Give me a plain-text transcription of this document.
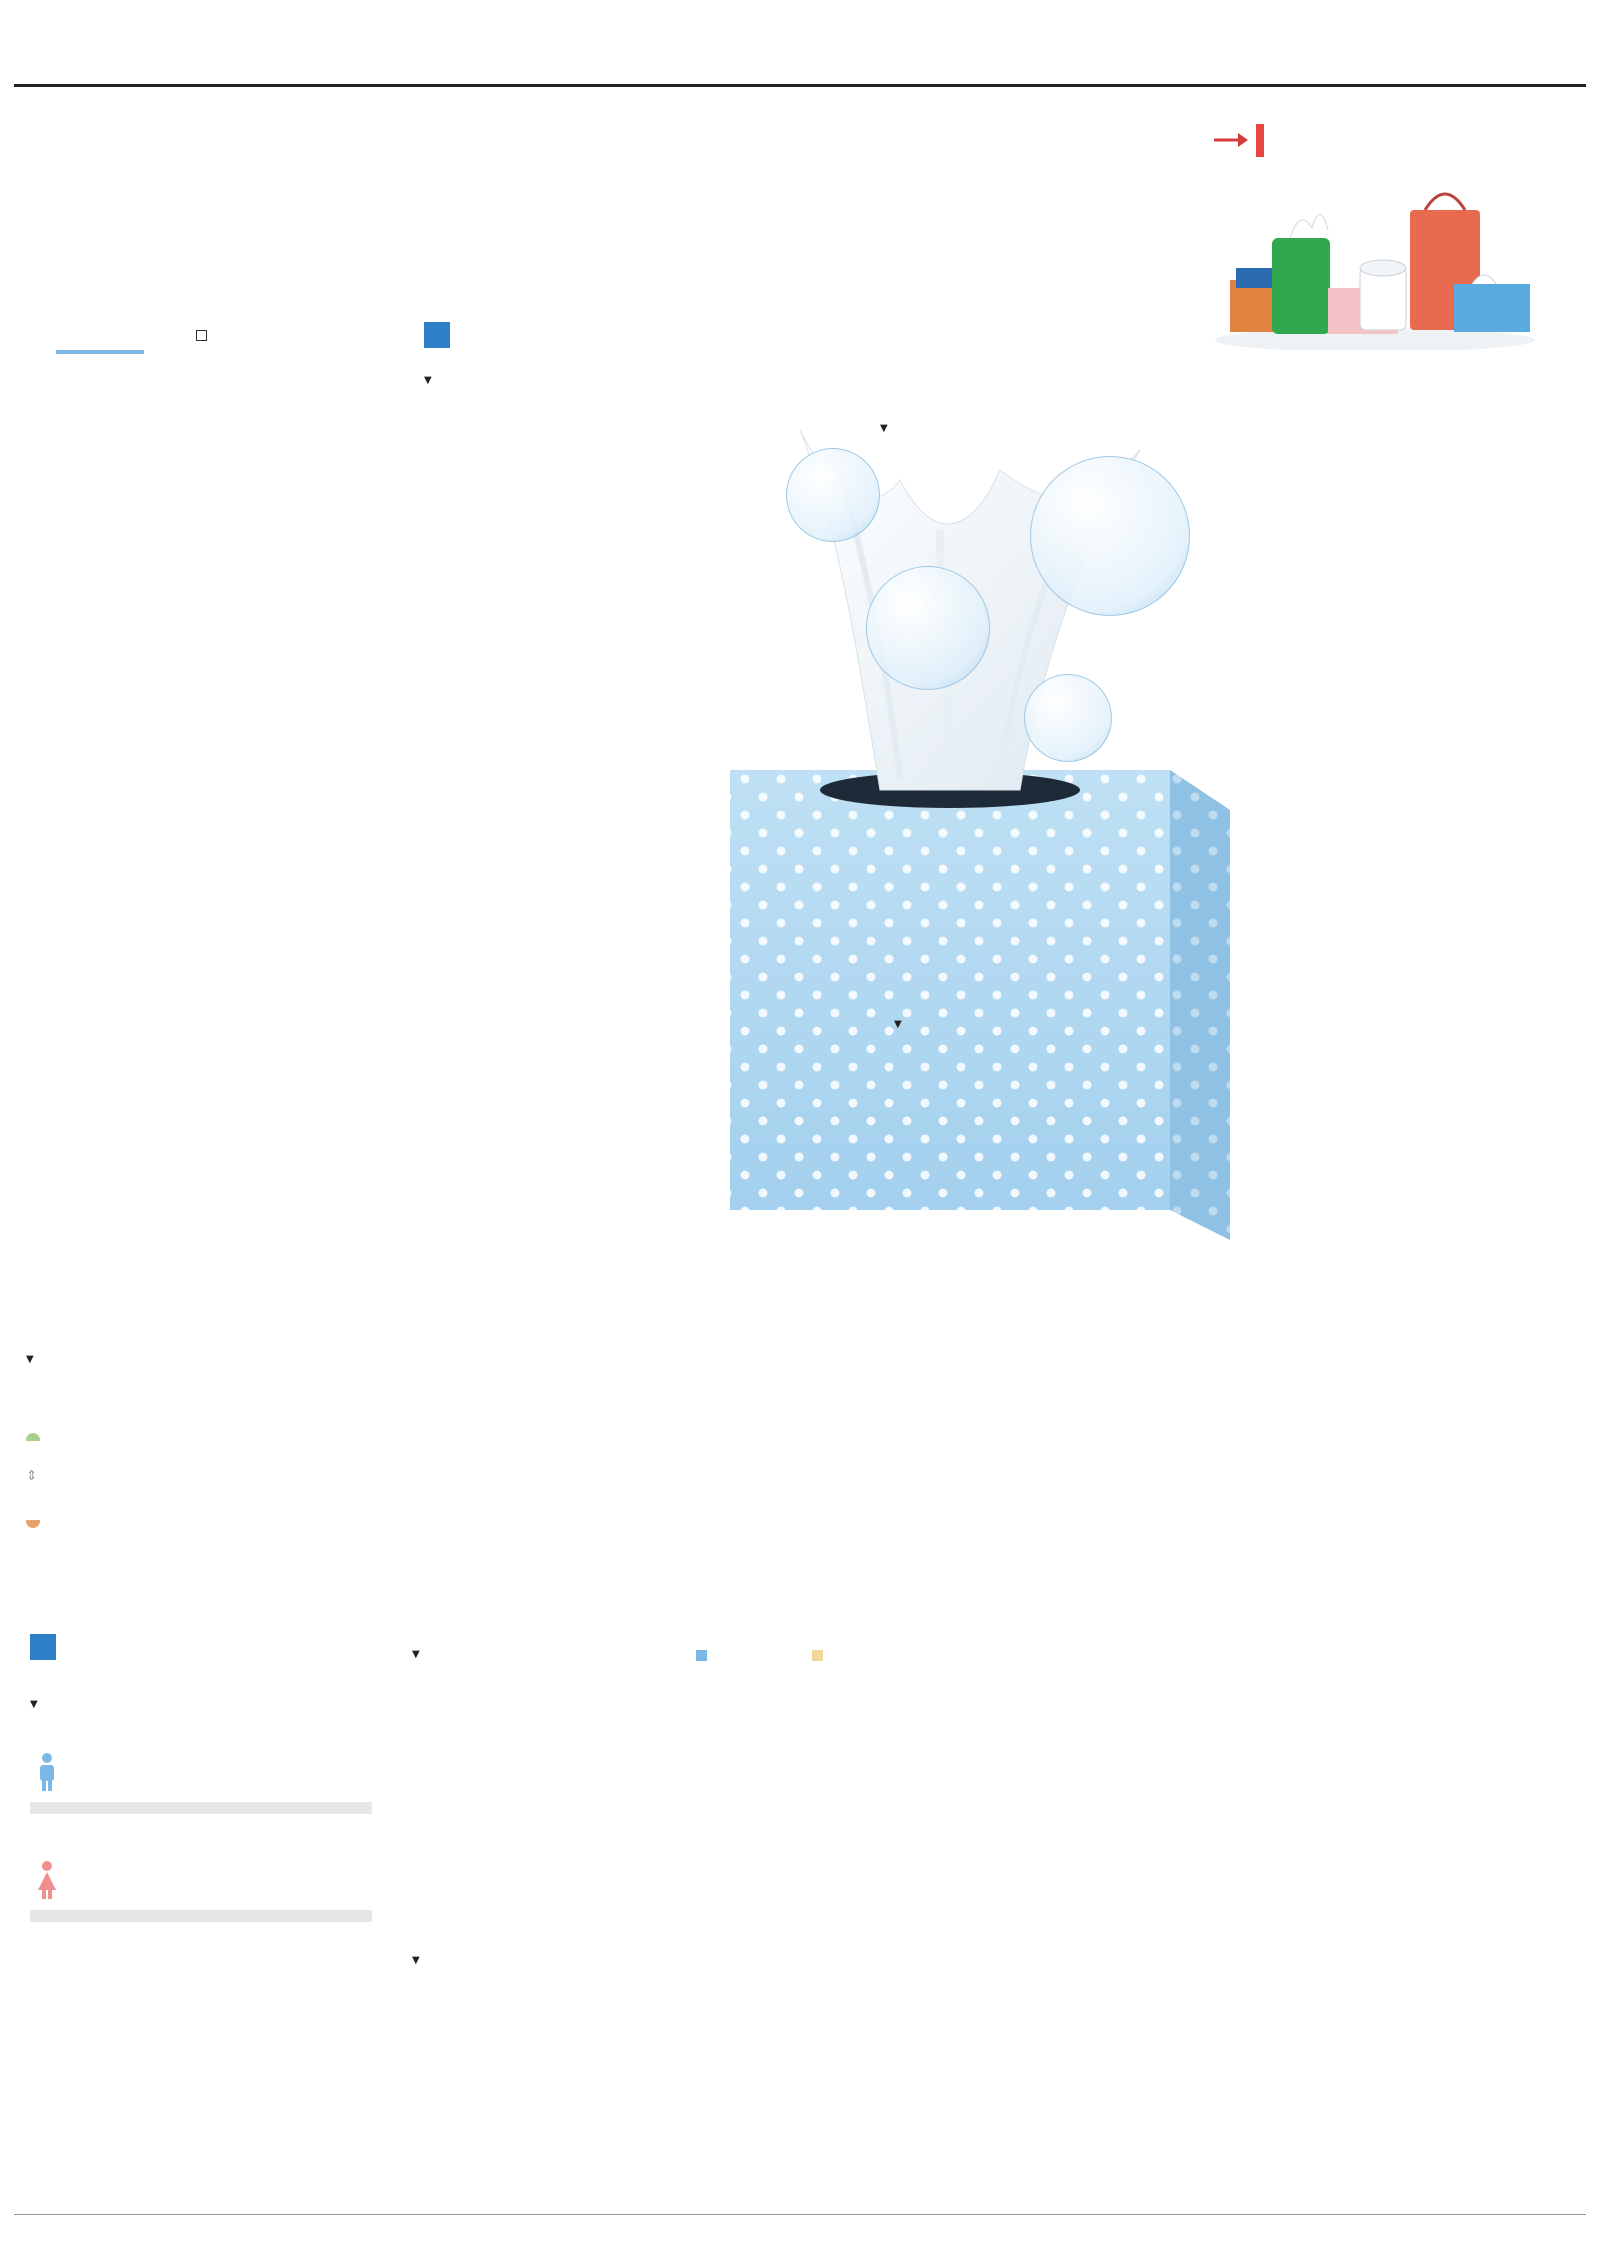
▼
▼
▼
▼
⇕
▼
▼
▼
